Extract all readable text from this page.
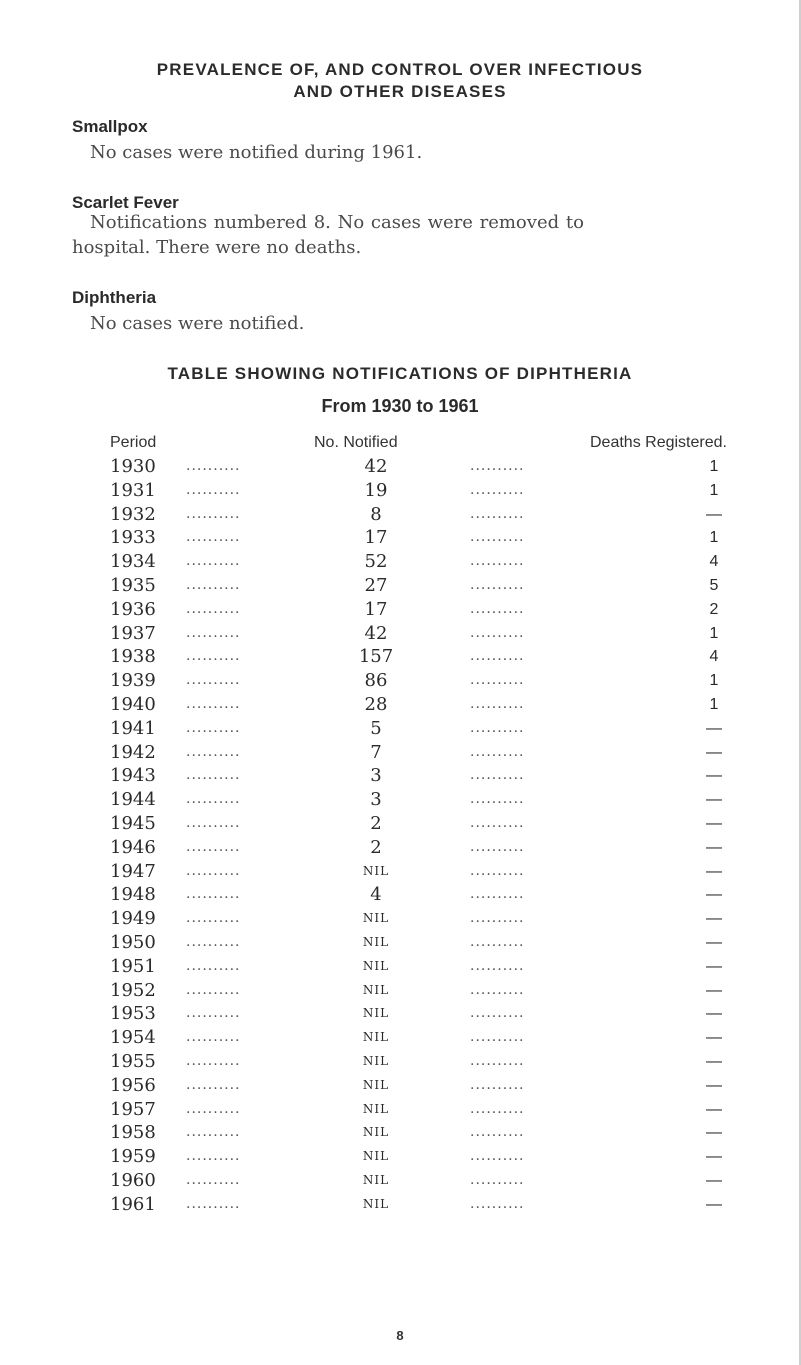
PREVALENCE OF, AND CONTROL OVER INFECTIOUS
AND OTHER DISEASES
Smallpox
No cases were notified during 1961.
Scarlet Fever
Notifications numbered 8. No cases were removed to
hospital. There were no deaths.
Diphtheria
No cases were notified.
TABLE SHOWING NOTIFICATIONS OF DIPHTHERIA
From 1930 to 1961
Period	No. Notified	Deaths Registered.
1930 ..........	42	..........	1
1931 ..........	19	..........	1
1932 ..........	8	..........	—
1933 ..........	17	..........	1
1934 ..........	52	..........	4
1935 ..........	27	..........	5
1936 ..........	17	..........	2
1937 ..........	42	..........	1
1938 ..........	157	..........	4
1939 ..........	86	..........	1
1940 ..........	28	..........	1
1941 ..........	5	..........	—
1942 ..........	7	..........	—
1943 ..........	3	..........	—
1944 ..........	3	..........	—
1945 ..........	2	..........	—
1946 ..........	2	..........	—
1947 ..........	NIL	..........	—
1948 ..........	4	..........	—
1949 ..........	NIL	..........	—
1950 ..........	NIL	..........	—
1951 ..........	NIL	..........	—
1952 ..........	NIL	..........	—
1953 ..........	NIL	..........	—
1954 ..........	NIL	..........	—
1955 ..........	NIL	..........	—
1956 ..........	NIL	..........	—
1957 ..........	NIL	..........	—
1958 ..........	NIL	..........	—
1959 ..........	NIL	..........	—
1960 ..........	NIL	..........	—
1961 ..........	NIL	..........	—
8
